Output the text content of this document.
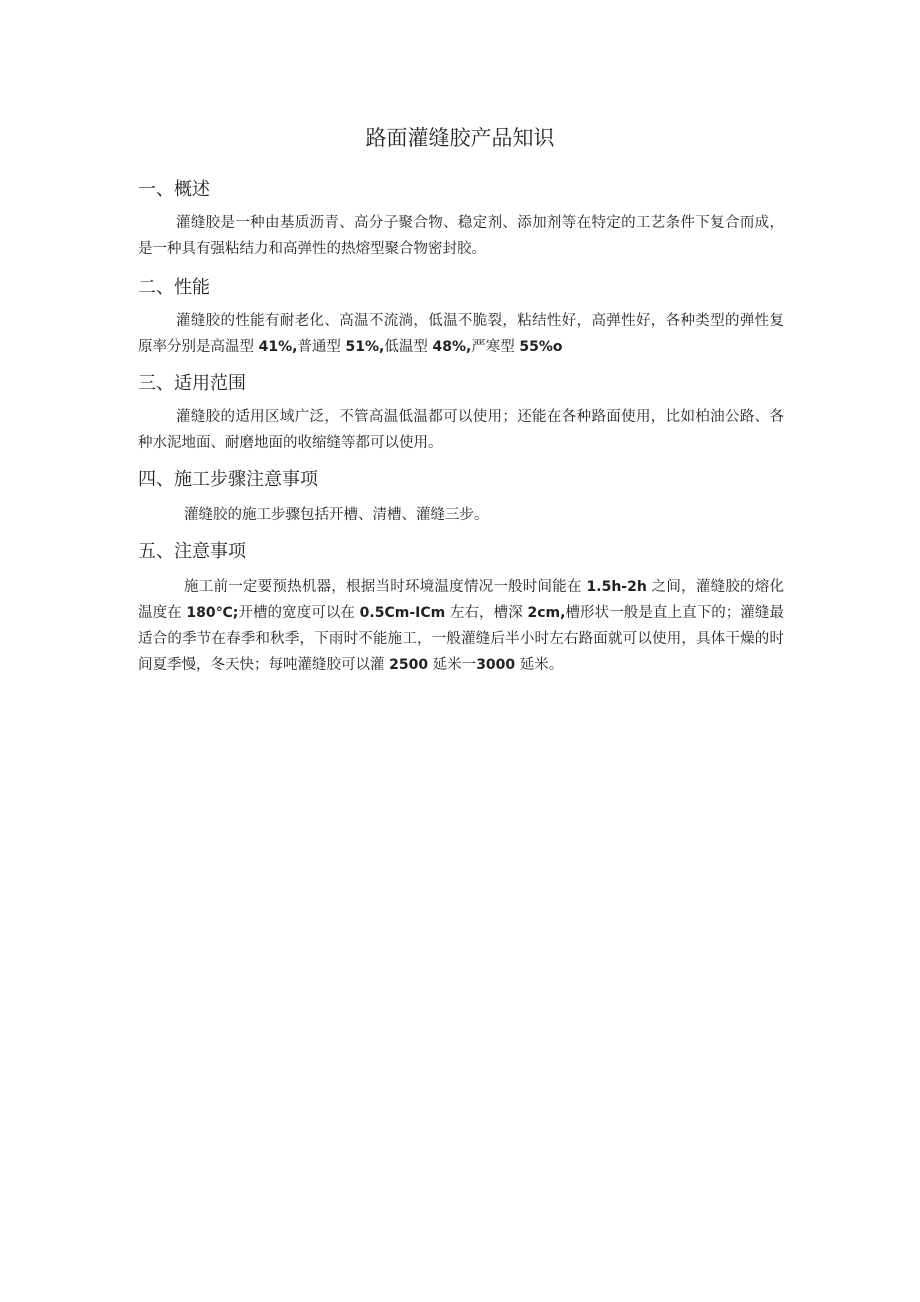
路面灌缝胶产品知识
一、概述
灌缝胶是一种由基质沥青、高分子聚合物、稳定剂、添加剂等在特定的工艺条件下复合而成，是一种具有强粘结力和高弹性的热熔型聚合物密封胶。
二、性能
灌缝胶的性能有耐老化、高温不流淌，低温不脆裂，粘结性好，高弹性好，各种类型的弹性复原率分别是高温型 41%,普通型 51%,低温型 48%,严寒型 55%o
三、适用范围
灌缝胶的适用区域广泛，不管高温低温都可以使用；还能在各种路面使用，比如柏油公路、各种水泥地面、耐磨地面的收缩缝等都可以使用。
四、施工步骤注意事项
灌缝胶的施工步骤包括开槽、清槽、灌缝三步。
五、注意事项
施工前一定要预热机器，根据当时环境温度情况一般时间能在 1.5h-2h 之间，灌缝胶的熔化温度在 180℃;开槽的宽度可以在 0.5Cm-ICm 左右，槽深 2cm,槽形状一般是直上直下的；灌缝最适合的季节在春季和秋季，下雨时不能施工，一般灌缝后半小时左右路面就可以使用，具体干燥的时间夏季慢，冬天快；每吨灌缝胶可以灌 2500 延米一3000 延米。
